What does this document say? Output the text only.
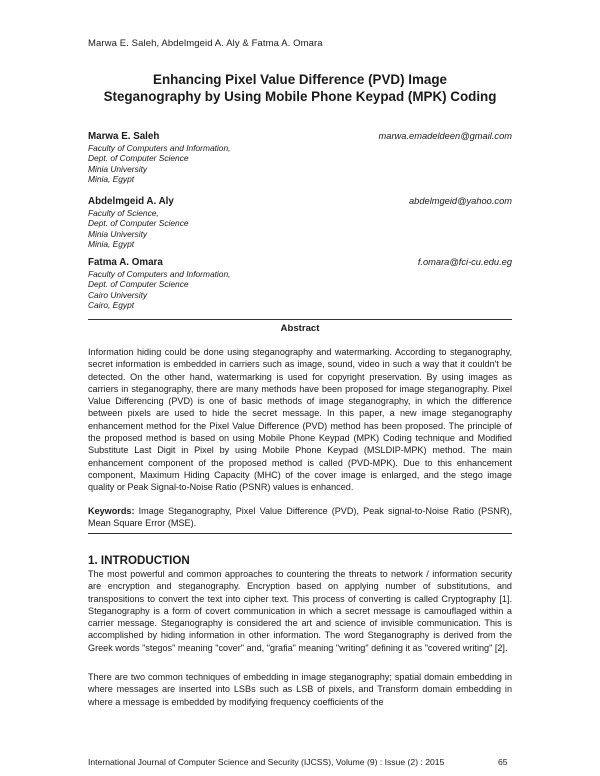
Marwa E. Saleh, Abdelmgeid A. Aly & Fatma A. Omara
Enhancing Pixel Value Difference (PVD) Image
Steganography by Using Mobile Phone Keypad (MPK) Coding
Marwa E. Saleh	marwa.emadeldeen@gmail.com
Faculty of Computers and Information,
Dept. of Computer Science
Minia University
Minia, Egypt
Abdelmgeid A. Aly	abdelmgeid@yahoo.com
Faculty of Science,
Dept. of Computer Science
Minia University
Minia, Egypt
Fatma A. Omara	f.omara@fci-cu.edu.eg
Faculty of Computers and Information,
Dept. of Computer Science
Cairo University
Cairo, Egypt
Abstract
Information hiding could be done using steganography and watermarking. According to steganography, secret information is embedded in carriers such as image, sound, video in such a way that it couldn't be detected. On the other hand, watermarking is used for copyright preservation. By using images as carriers in steganography, there are many methods have been proposed for image steganography. Pixel Value Differencing (PVD) is one of basic methods of image steganography, in which the difference between pixels are used to hide the secret message. In this paper, a new image steganography enhancement method for the Pixel Value Difference (PVD) method has been proposed. The principle of the proposed method is based on using Mobile Phone Keypad (MPK) Coding technique and Modified Substitute Last Digit in Pixel by using Mobile Phone Keypad (MSLDIP-MPK) method. The main enhancement component of the proposed method is called (PVD-MPK). Due to this enhancement component, Maximum Hiding Capacity (MHC) of the cover image is enlarged, and the stego image quality or Peak Signal-to-Noise Ratio (PSNR) values is enhanced.
Keywords: Image Steganography, Pixel Value Difference (PVD), Peak signal-to-Noise Ratio (PSNR), Mean Square Error (MSE).
1. INTRODUCTION
The most powerful and common approaches to countering the threats to network / information security are encryption and steganography. Encryption based on applying number of substitutions, and transpositions to convert the text into cipher text. This process of converting is called Cryptography [1]. Steganography is a form of covert communication in which a secret message is camouflaged within a carrier message. Steganography is considered the art and science of invisible communication. This is accomplished by hiding information in other information. The word Steganography is derived from the Greek words "stegos" meaning "cover" and, "grafia" meaning "writing" defining it as "covered writing" [2].
There are two common techniques of embedding in image steganography; spatial domain embedding in where messages are inserted into LSBs such as LSB of pixels, and Transform domain embedding in where a message is embedded by modifying frequency coefficients of the
International Journal of Computer Science and Security (IJCSS), Volume (9) : Issue (2) : 2015	65
